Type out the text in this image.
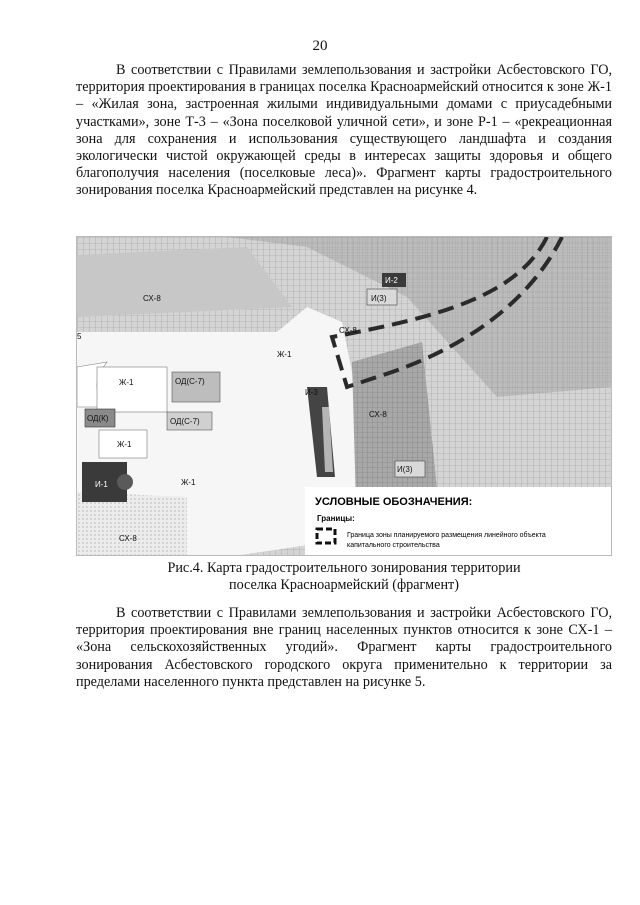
20

В соответствии с Правилами землепользования и застройки Асбестовского ГО, территория проектирования в границах поселка Красноармейский относится к зоне Ж-1 – «Жилая зона, застроенная жилыми индивидуальными домами с приусадебными участками», зоне Т-3 – «Зона поселковой уличной сети», и зоне Р-1 – «рекреационная зона для сохранения и использования существующего ландшафта и создания экологически чистой окружающей среды в интересах защиты здоровья и общего благополучия населения (поселковые леса)». Фрагмент карты градостроительного зонирования поселка Красноармейский представлен на рисунке 4.

УСЛОВНЫЕ ОБОЗНАЧЕНИЯ:
Границы:
Граница зоны планируемого размещения линейного объекта
капитального строительства
СХ-8
И-2
И(3)
СХ-8
Ж-1
Ж-1	ОД(С-7)
И-3
ОД(К)	ОД(С-7)
СХ-8
Ж-1
И-1	Ж-1
И(3)
СХ-8
5
Рис.4. Карта градостроительного зонирования территории
поселка Красноармейский (фрагмент)

В соответствии с Правилами землепользования и застройки Асбестовского ГО, территория проектирования вне границ населенных пунктов относится к зоне СХ-1 – «Зона сельскохозяйственных угодий». Фрагмент карты градостроительного зонирования Асбестовского городского округа применительно к территории за пределами населенного пункта представлен на рисунке 5.
